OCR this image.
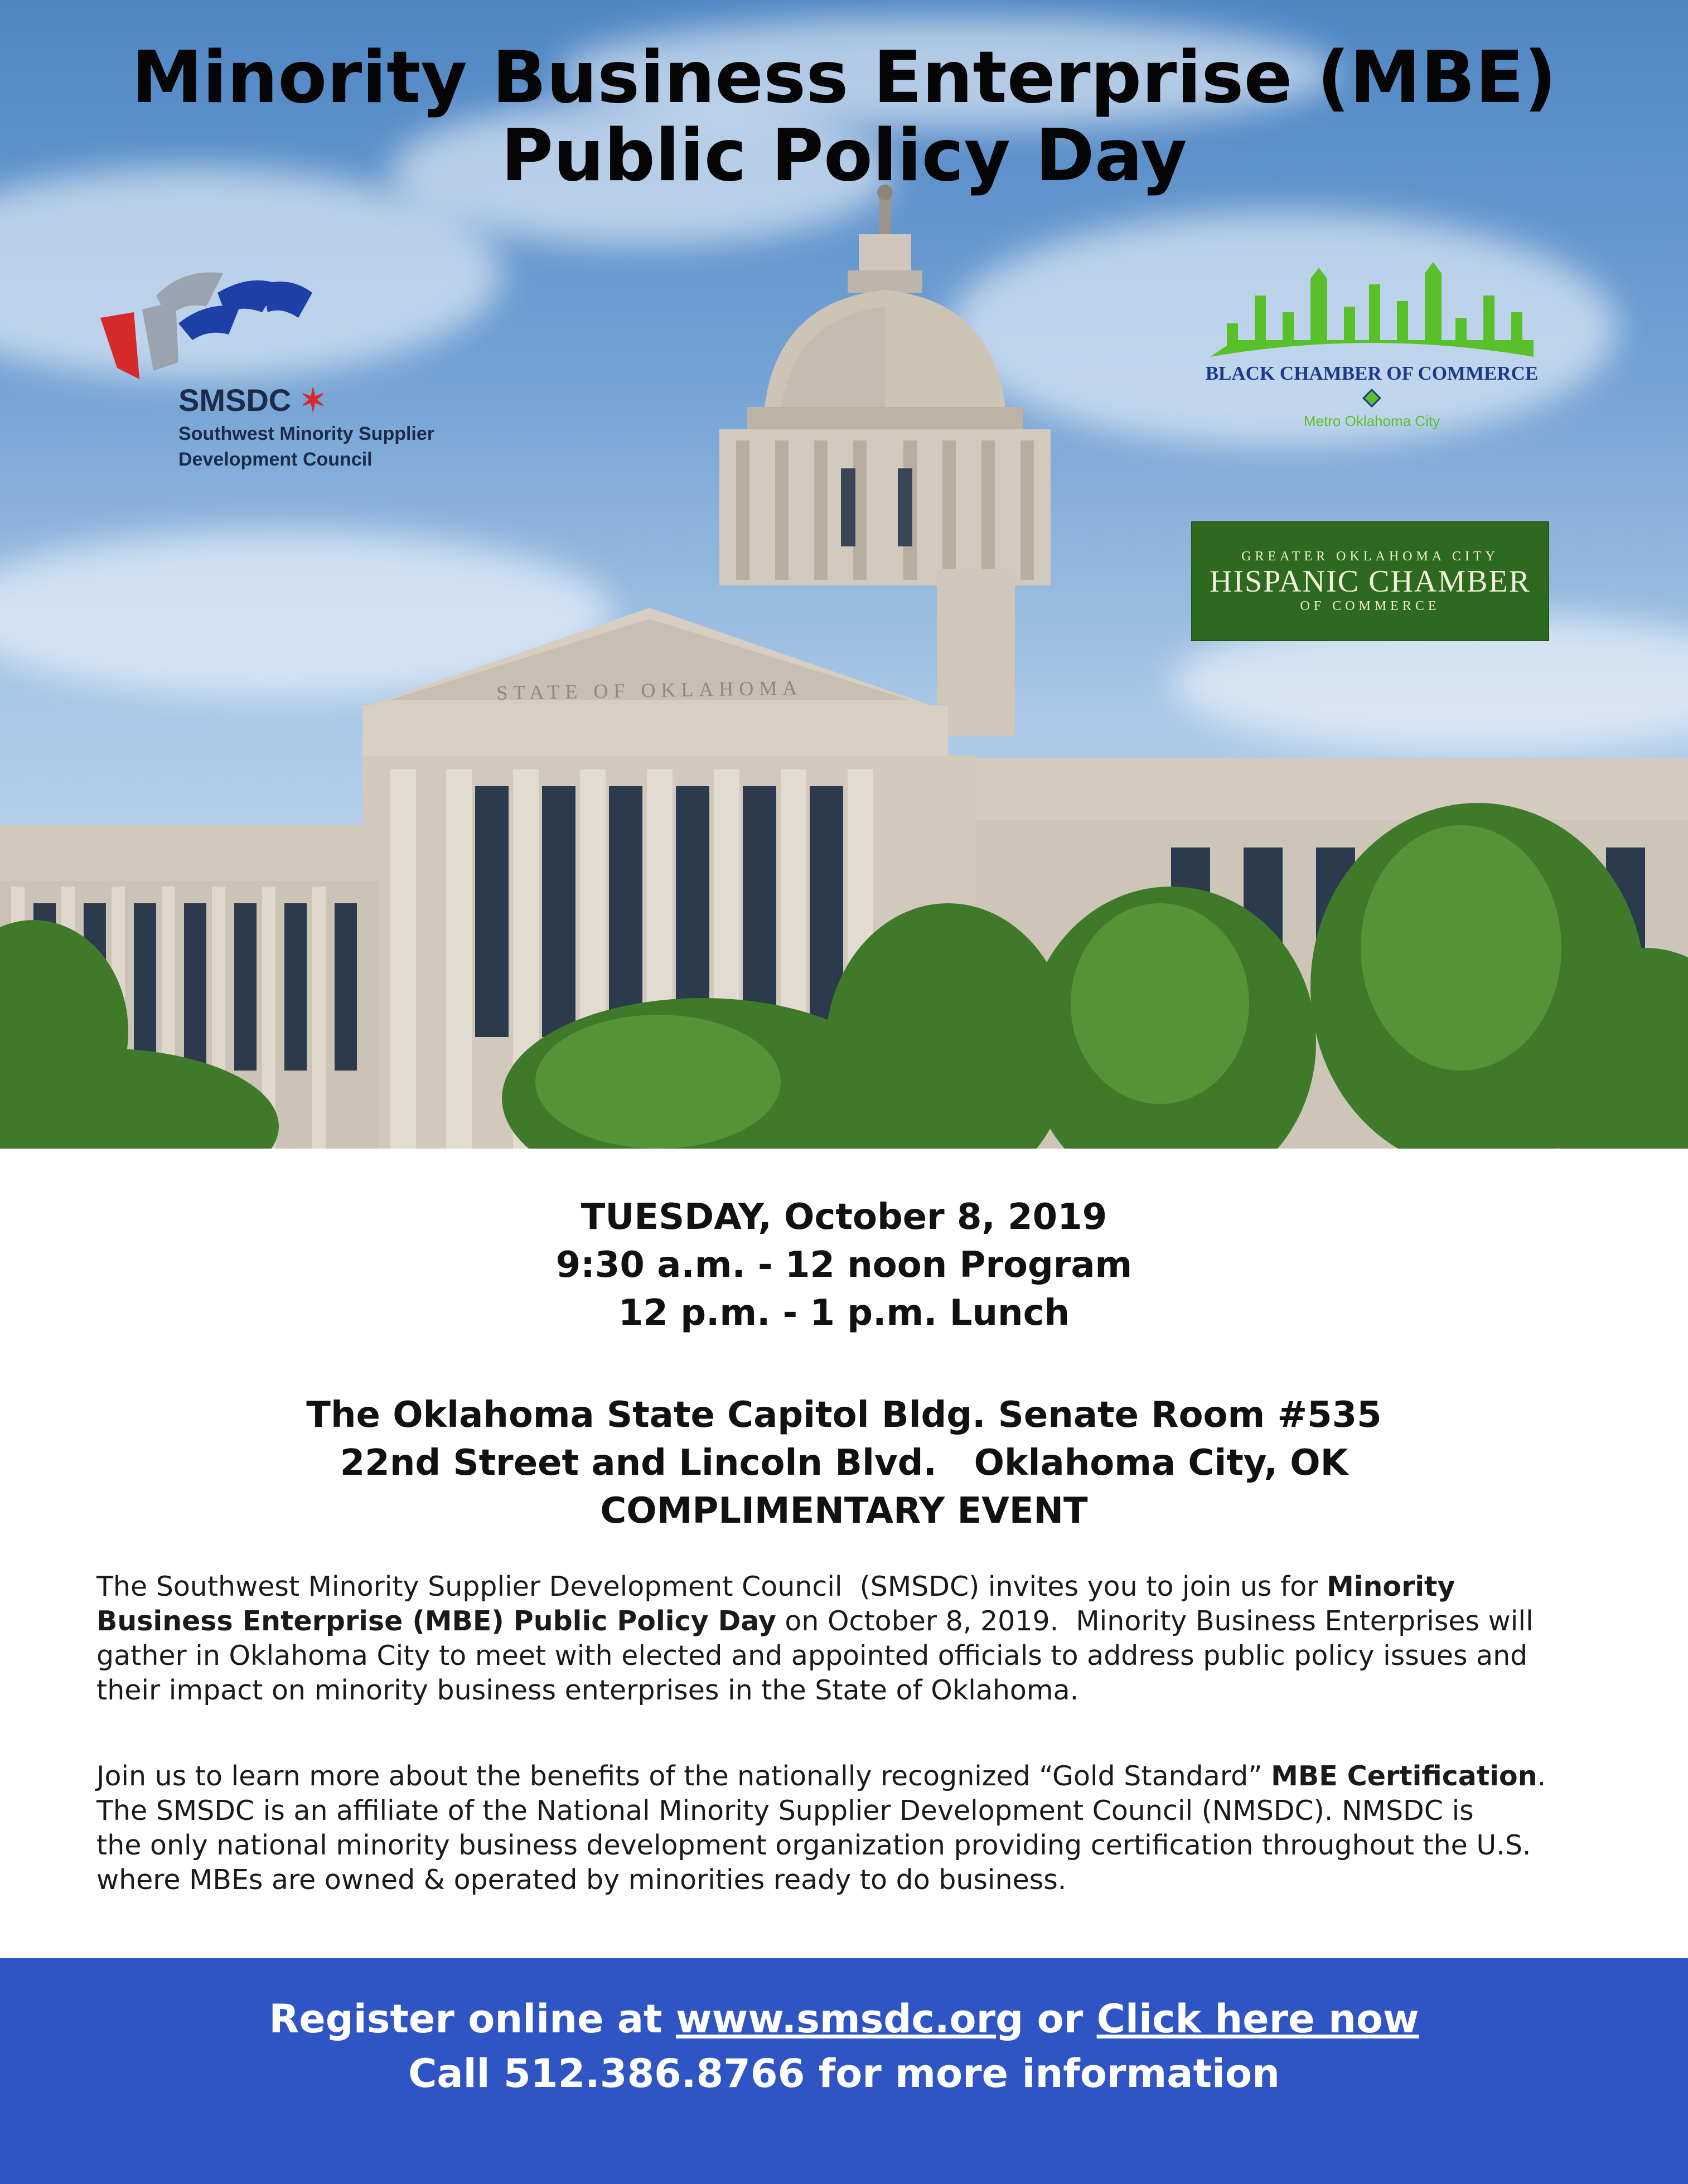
STATE OF OKLAHOMA
Minority Business Enterprise (MBE)
Public Policy Day
SMSDC ✶
Southwest Minority Supplier
Development Council
BLACK CHAMBER OF COMMERCE
Metro Oklahoma City
GREATER OKLAHOMA CITY
HISPANIC CHAMBER
OF COMMERCE
TUESDAY, October 8, 2019
9:30 a.m. - 12 noon Program
12 p.m. - 1 p.m. Lunch
The Oklahoma State Capitol Bldg. Senate Room #535
22nd Street and Lincoln Blvd.   Oklahoma City, OK
COMPLIMENTARY EVENT
The Southwest Minority Supplier Development Council  (SMSDC) invites you to join us for Minority
Business Enterprise (MBE) Public Policy Day on October 8, 2019.  Minority Business Enterprises will
gather in Oklahoma City to meet with elected and appointed officials to address public policy issues and
their impact on minority business enterprises in the State of Oklahoma.
Join us to learn more about the benefits of the nationally recognized “Gold Standard” MBE Certification.
The SMSDC is an affiliate of the National Minority Supplier Development Council (NMSDC). NMSDC is
the only national minority business development organization providing certification throughout the U.S.
where MBEs are owned & operated by minorities ready to do business.
Register online at www.smsdc.org or Click here now
Call 512.386.8766 for more information
